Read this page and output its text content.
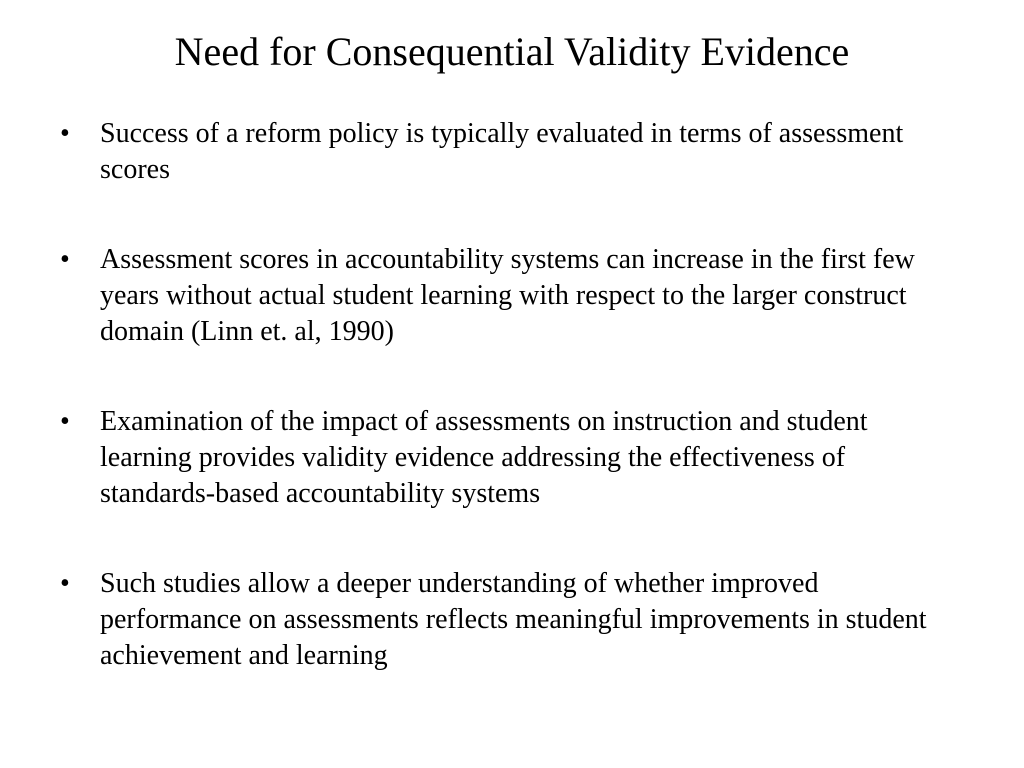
Need for Consequential Validity Evidence
• Success of a reform policy is typically evaluated in terms of assessment scores
• Assessment scores in accountability systems can increase in the first few years without actual student learning with respect to the larger construct domain (Linn et. al, 1990)
• Examination of the impact of assessments on instruction and student learning provides validity evidence addressing the effectiveness of standards-based accountability systems
• Such studies allow a deeper understanding of whether improved performance on assessments reflects meaningful improvements in student achievement and learning
